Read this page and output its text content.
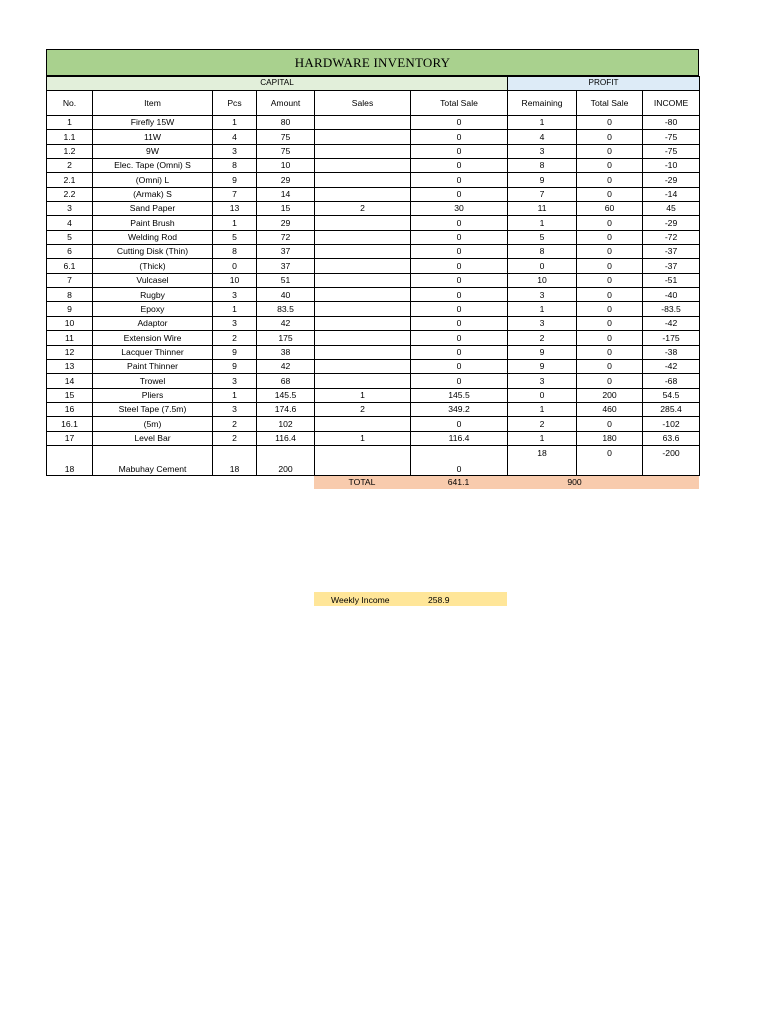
HARDWARE INVENTORY
CAPITAL						PROFIT		
No.	Item	Pcs	Amount	Sales	Total Sale	Remaining	Total Sale	INCOME
1	Firefly 15W	1	80		0	1	0	-80
1.1	11W	4	75		0	4	0	-75
1.2	9W	3	75		0	3	0	-75
2	Elec. Tape (Omni) S	8	10		0	8	0	-10
2.1	(Omni) L	9	29		0	9	0	-29
2.2	(Armak) S	7	14		0	7	0	-14
3	Sand Paper	13	15	2	30	11	60	45
4	Paint Brush	1	29		0	1	0	-29
5	Welding Rod	5	72		0	5	0	-72
6	Cutting Disk (Thin)	8	37		0	8	0	-37
6.1	(Thick)	0	37		0	0	0	-37
7	Vulcasel	10	51		0	10	0	-51
8	Rugby	3	40		0	3	0	-40
9	Epoxy	1	83.5		0	1	0	-83.5
10	Adaptor	3	42		0	3	0	-42
11	Extension Wire	2	175		0	2	0	-175
12	Lacquer Thinner	9	38		0	9	0	-38
13	Paint Thinner	9	42		0	9	0	-42
14	Trowel	3	68		0	3	0	-68
15	Pliers	1	145.5	1	145.5	0	200	54.5
16	Steel Tape (7.5m)	3	174.6	2	349.2	1	460	285.4
16.1	(5m)	2	102		0	2	0	-102
17	Level Bar	2	116.4	1	116.4	1	180	63.6
18	Mabuhay Cement	18	200		0	18	0	-200
				TOTAL	641.1	900	
Weekly Income	258.9
